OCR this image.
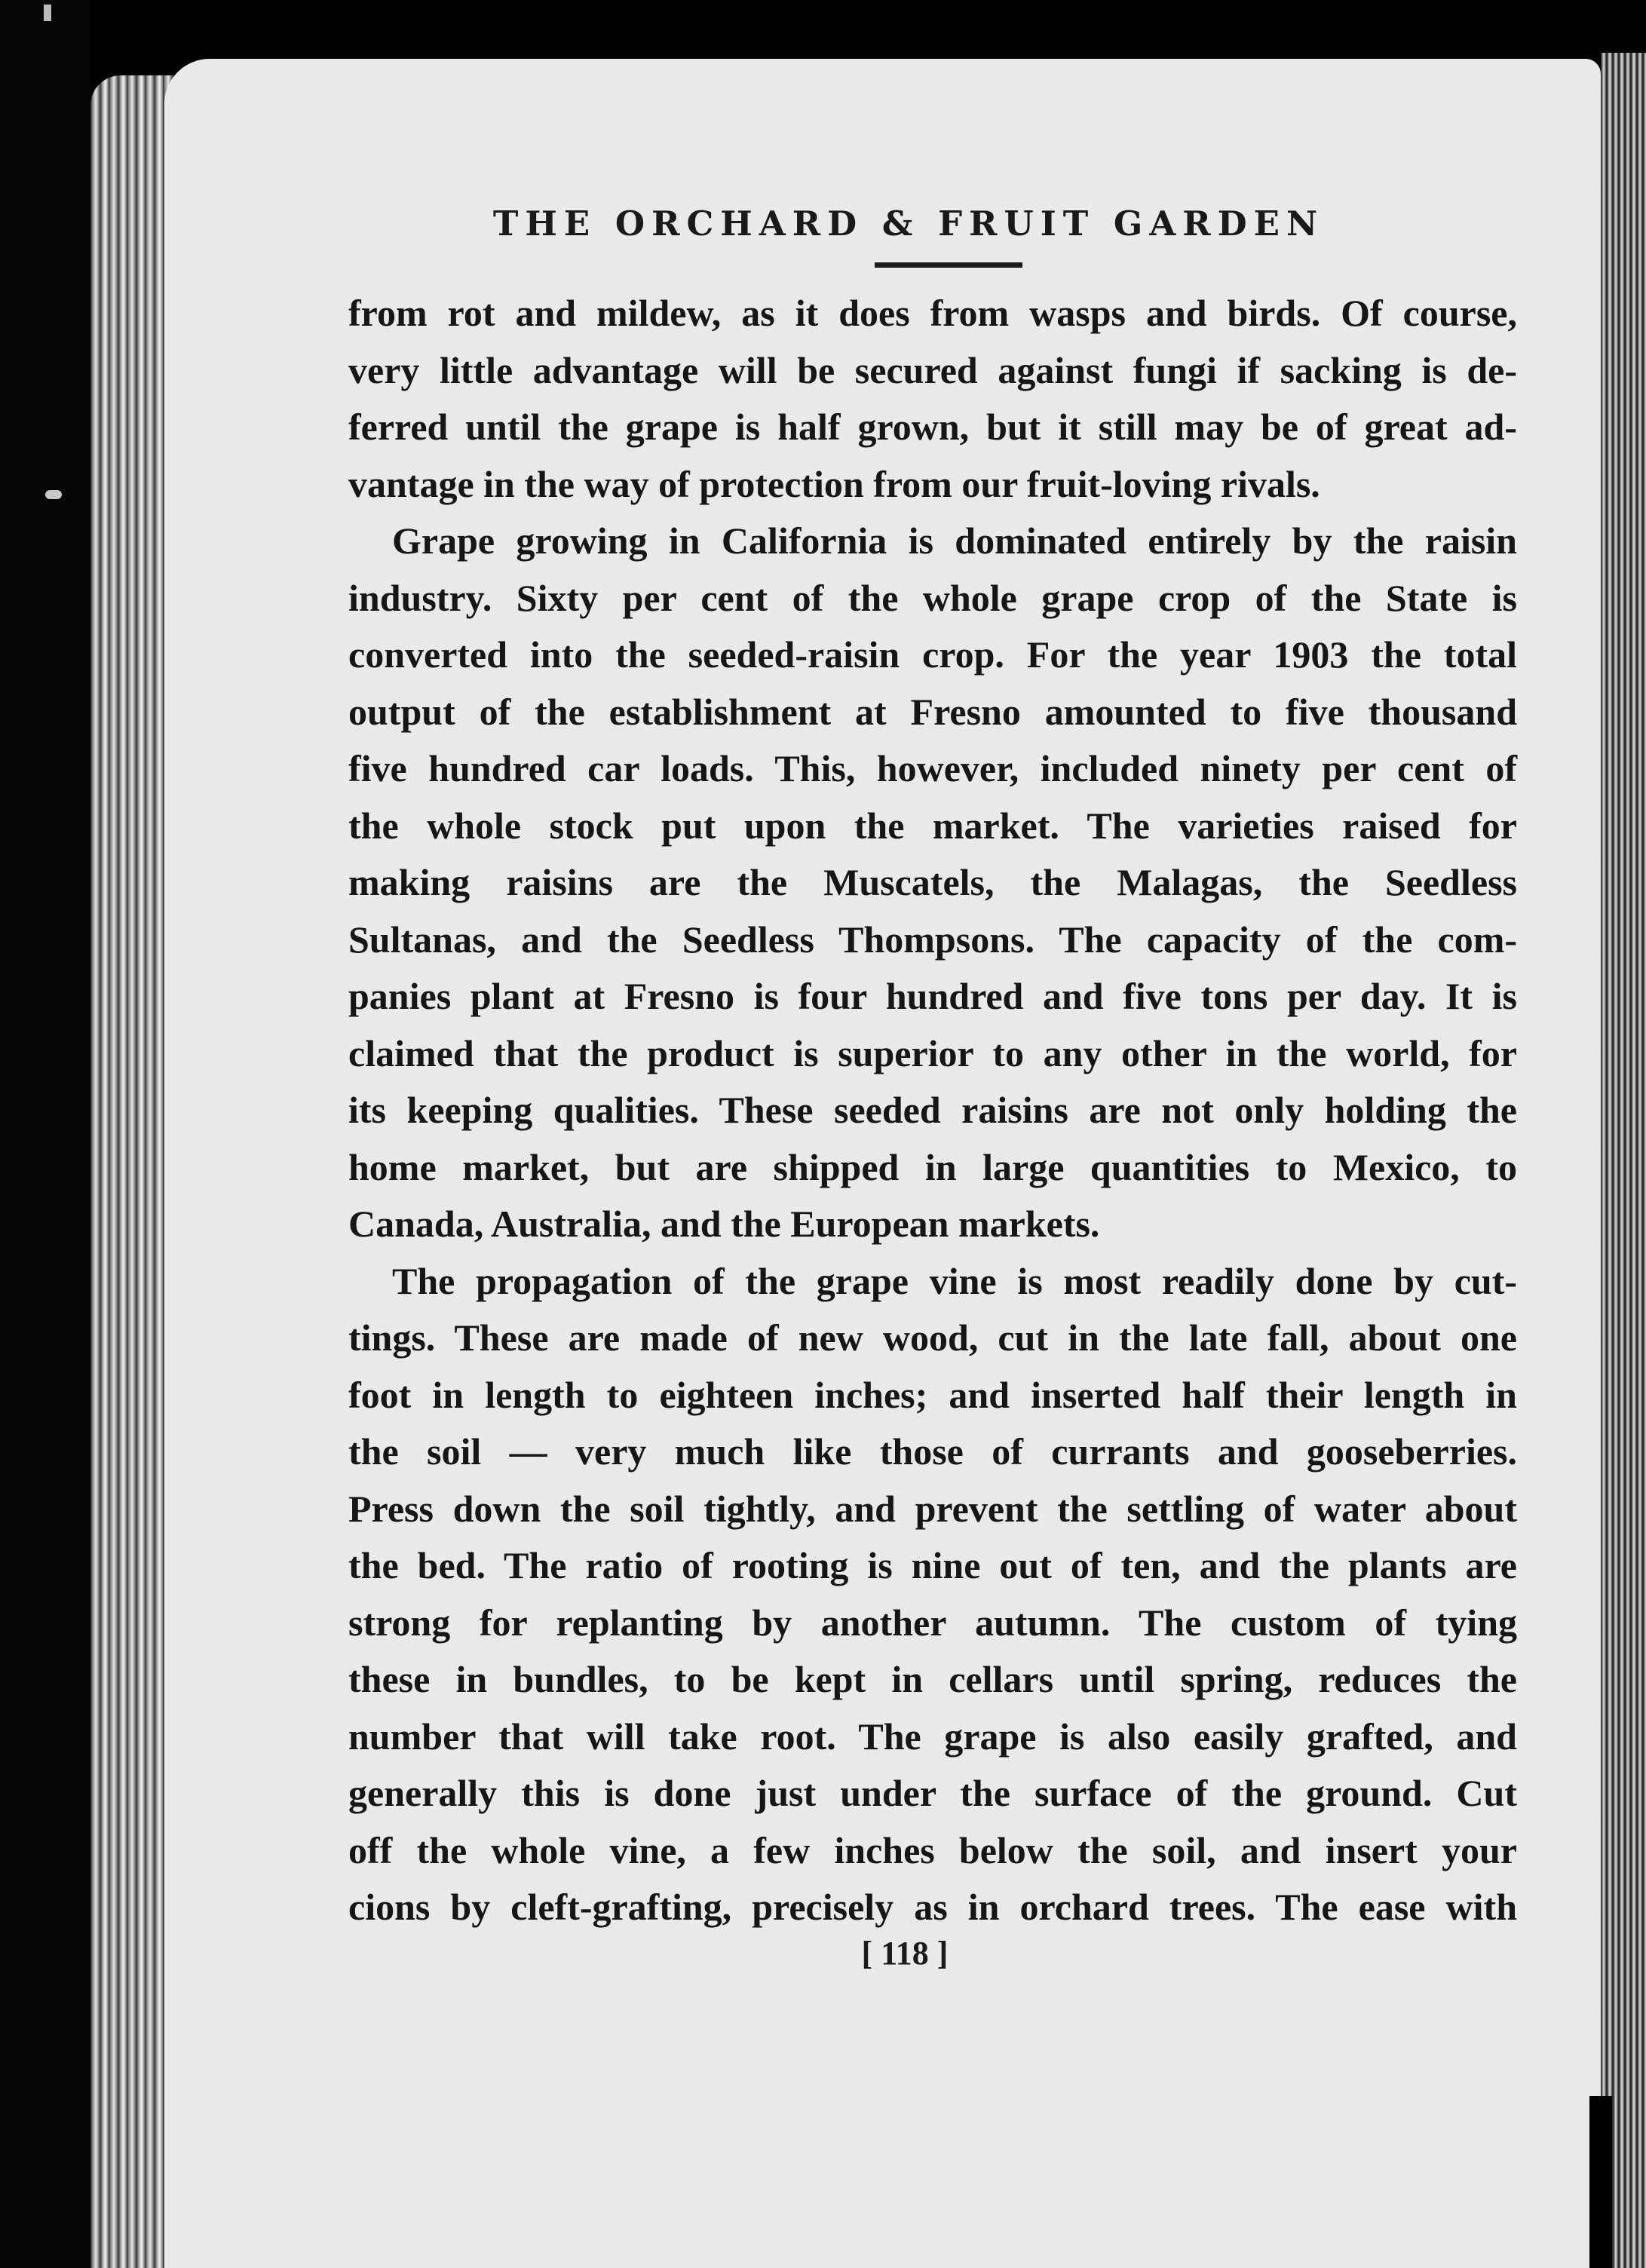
THE ORCHARD & FRUIT GARDEN
from rot and mildew, as it does from wasps and birds. Of course,
very little advantage will be secured against fungi if sacking is de-
ferred until the grape is half grown, but it still may be of great ad-
vantage in the way of protection from our fruit-loving rivals.
Grape growing in California is dominated entirely by the raisin
industry. Sixty per cent of the whole grape crop of the State is
converted into the seeded-raisin crop. For the year 1903 the total
output of the establishment at Fresno amounted to five thousand
five hundred car loads. This, however, included ninety per cent of
the whole stock put upon the market. The varieties raised for
making raisins are the Muscatels, the Malagas, the Seedless
Sultanas, and the Seedless Thompsons. The capacity of the com-
panies plant at Fresno is four hundred and five tons per day. It is
claimed that the product is superior to any other in the world, for
its keeping qualities. These seeded raisins are not only holding the
home market, but are shipped in large quantities to Mexico, to
Canada, Australia, and the European markets.
The propagation of the grape vine is most readily done by cut-
tings. These are made of new wood, cut in the late fall, about one
foot in length to eighteen inches; and inserted half their length in
the soil — very much like those of currants and gooseberries.
Press down the soil tightly, and prevent the settling of water about
the bed. The ratio of rooting is nine out of ten, and the plants are
strong for replanting by another autumn. The custom of tying
these in bundles, to be kept in cellars until spring, reduces the
number that will take root. The grape is also easily grafted, and
generally this is done just under the surface of the ground. Cut
off the whole vine, a few inches below the soil, and insert your
cions by cleft-grafting, precisely as in orchard trees. The ease with
[ 118 ]
